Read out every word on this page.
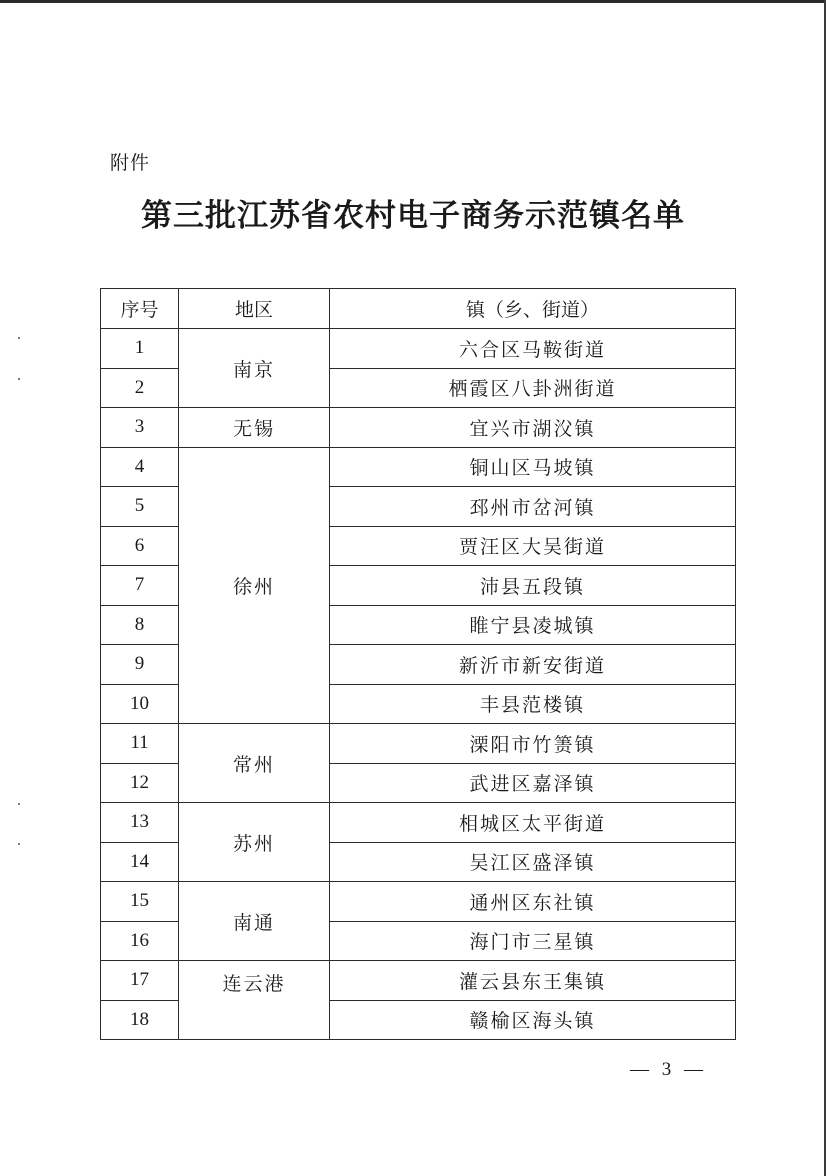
附件
第三批江苏省农村电子商务示范镇名单
序号	地区	镇（乡、街道）
1	南京	六合区马鞍街道
2		栖霞区八卦洲街道
3	无锡	宜兴市湖㳇镇
4	徐州	铜山区马坡镇
5		邳州市岔河镇
6		贾汪区大吴街道
7		沛县五段镇
8		睢宁县凌城镇
9		新沂市新安街道
10		丰县范楼镇
11	常州	溧阳市竹箦镇
12		武进区嘉泽镇
13	苏州	相城区太平街道
14		吴江区盛泽镇
15	南通	通州区东社镇
16		海门市三星镇
17	连云港	灌云县东王集镇
18		赣榆区海头镇
— 3 —
